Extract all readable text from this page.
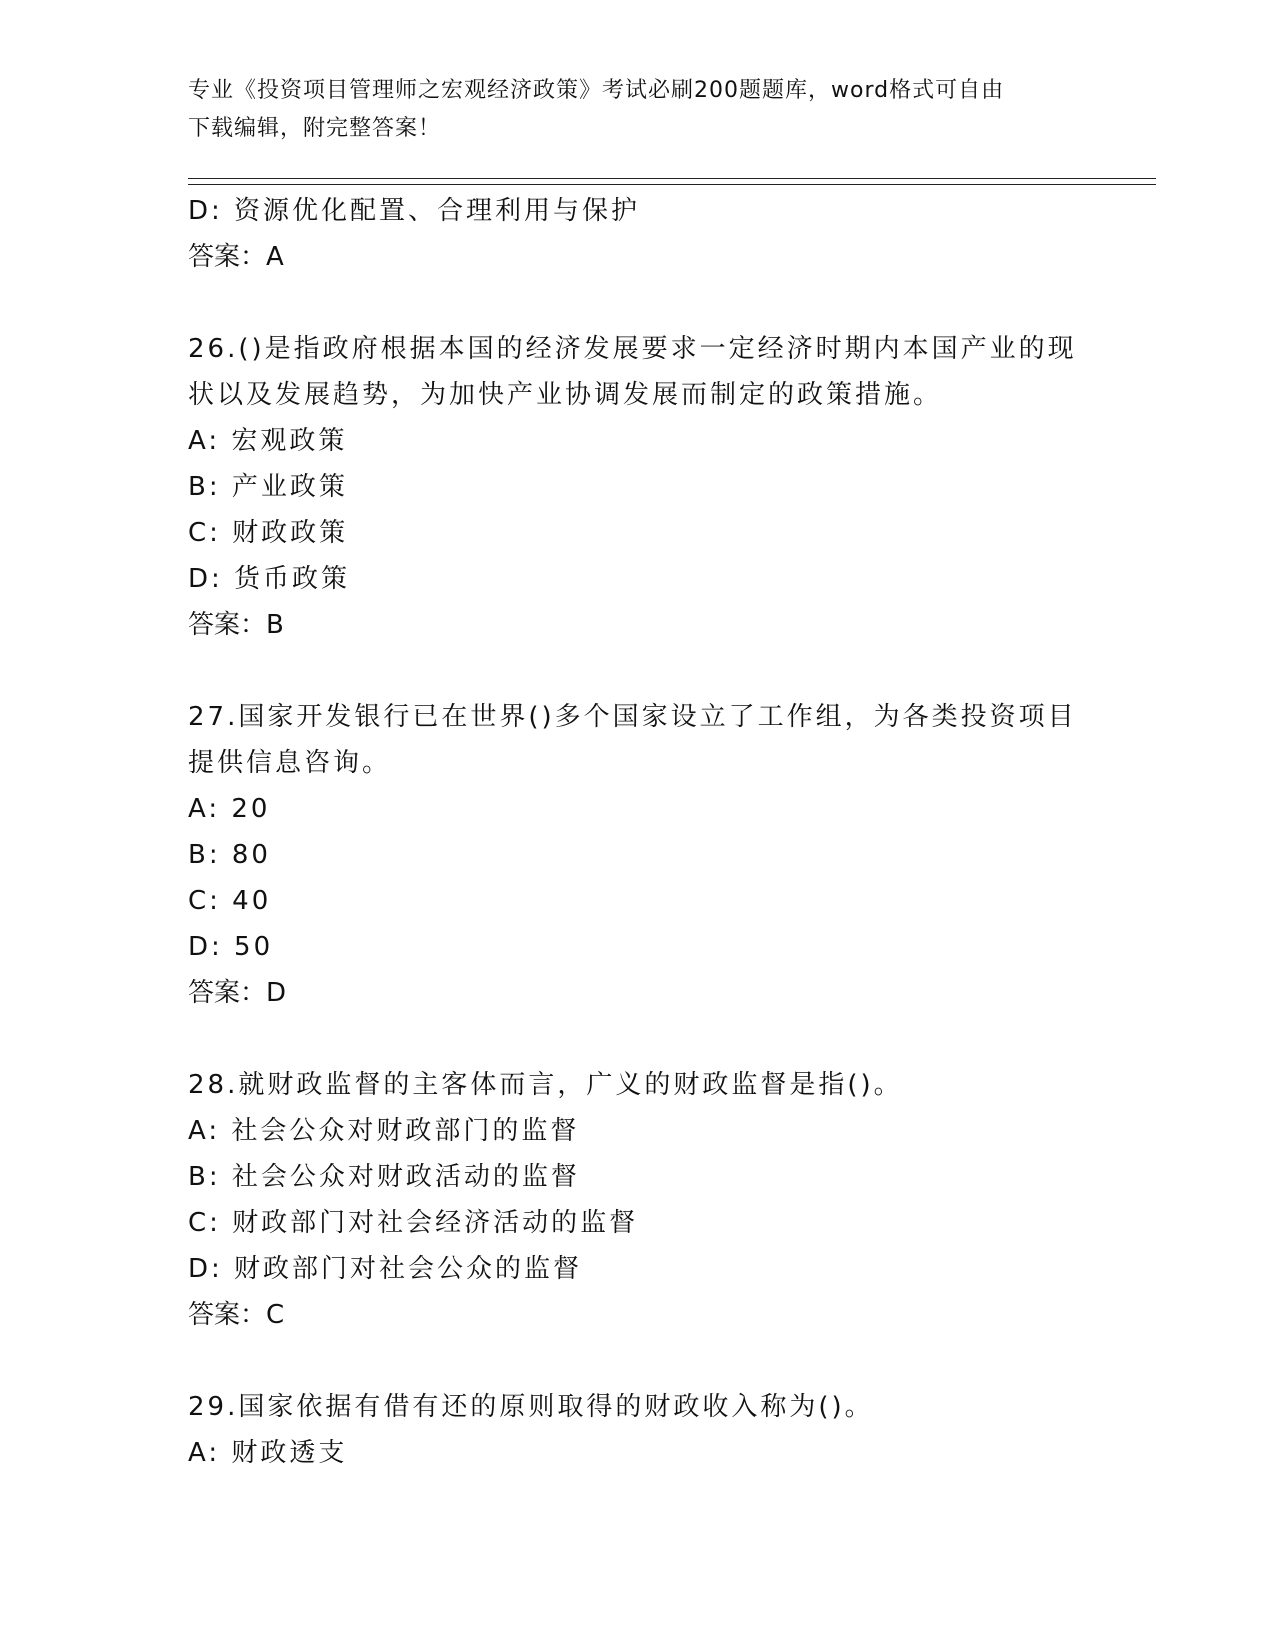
专业《投资项目管理师之宏观经济政策》考试必刷200题题库，word格式可自由
下载编辑，附完整答案！
D: 资源优化配置、合理利用与保护
答案：A
26.()是指政府根据本国的经济发展要求一定经济时期内本国产业的现
状以及发展趋势，为加快产业协调发展而制定的政策措施。
A: 宏观政策
B: 产业政策
C: 财政政策
D: 货币政策
答案：B
27.国家开发银行已在世界()多个国家设立了工作组，为各类投资项目
提供信息咨询。
A: 20
B: 80
C: 40
D: 50
答案：D
28.就财政监督的主客体而言，广义的财政监督是指()。
A: 社会公众对财政部门的监督
B: 社会公众对财政活动的监督
C: 财政部门对社会经济活动的监督
D: 财政部门对社会公众的监督
答案：C
29.国家依据有借有还的原则取得的财政收入称为()。
A: 财政透支
